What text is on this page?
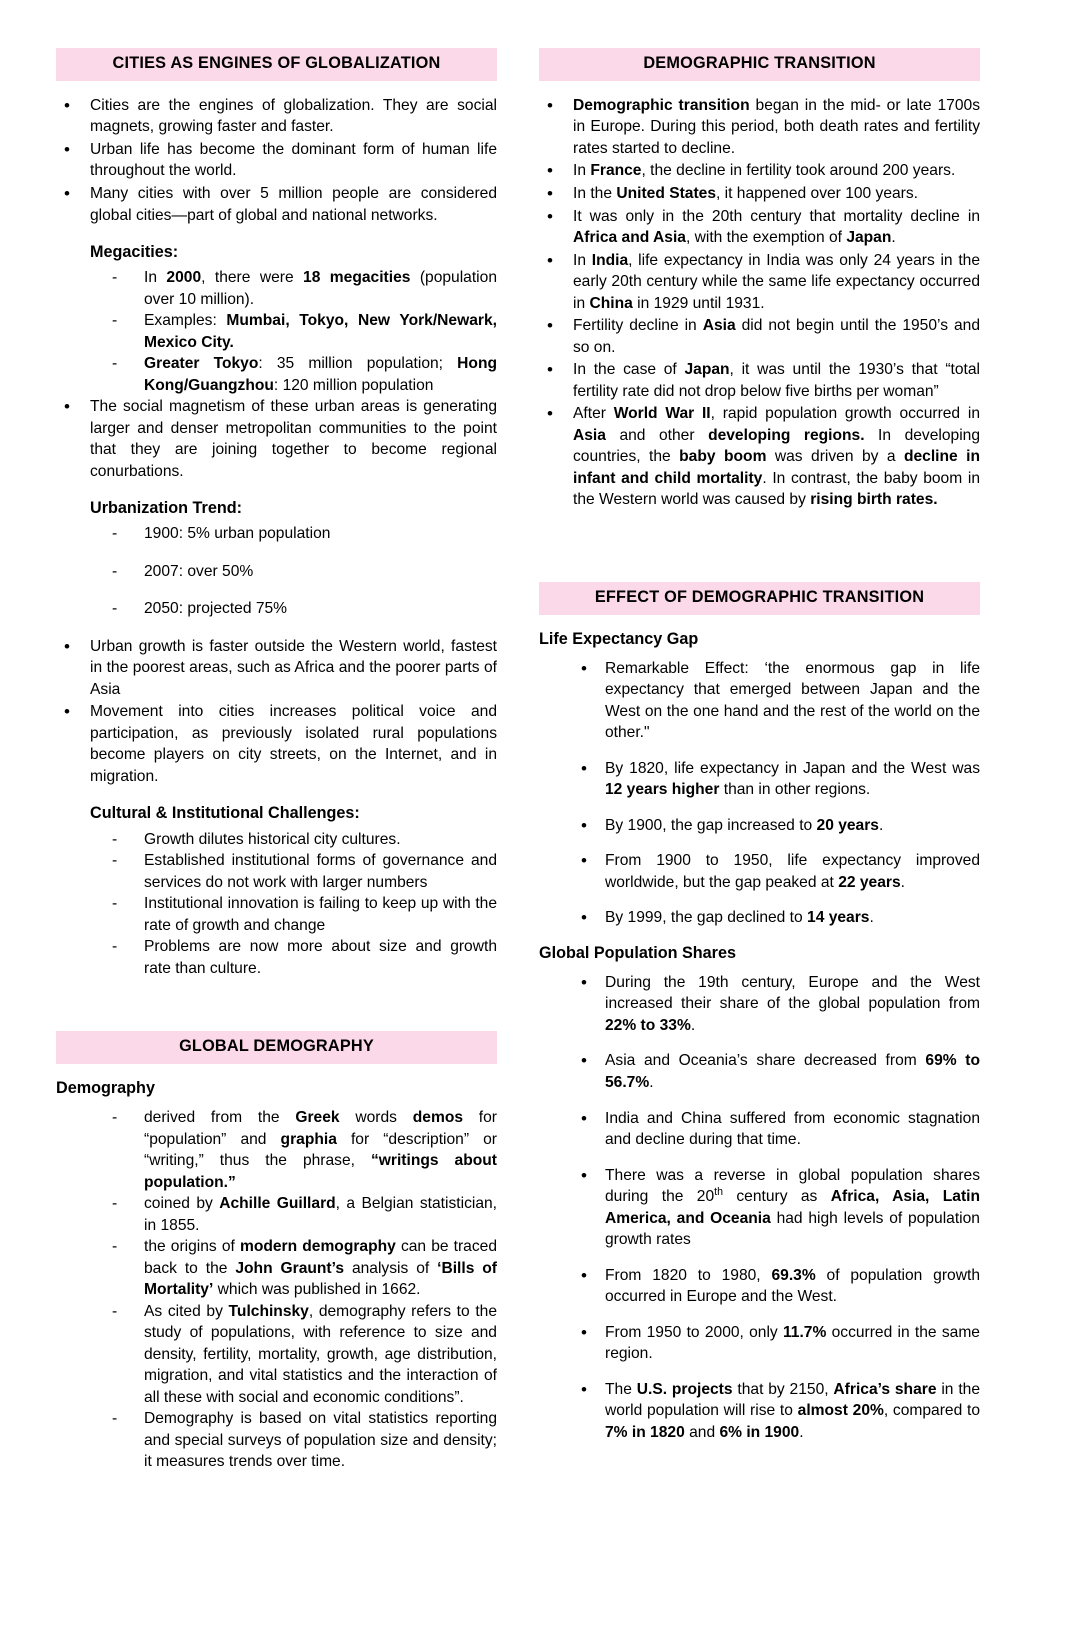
CITIES AS ENGINES OF GLOBALIZATION
• Cities are the engines of globalization. They are social magnets, growing faster and faster.
• Urban life has become the dominant form of human life throughout the world.
• Many cities with over 5 million people are considered global cities—part of global and national networks.
Megacities:
- In 2000, there were 18 megacities (population over 10 million).
- Examples: Mumbai, Tokyo, New York/Newark, Mexico City.
- Greater Tokyo: 35 million population; Hong Kong/Guangzhou: 120 million population
• The social magnetism of these urban areas is generating larger and denser metropolitan communities to the point that they are joining together to become regional conurbations.
Urbanization Trend:
- 1900: 5% urban population
- 2007: over 50%
- 2050: projected 75%
• Urban growth is faster outside the Western world, fastest in the poorest areas, such as Africa and the poorer parts of Asia
• Movement into cities increases political voice and participation, as previously isolated rural populations become players on city streets, on the Internet, and in migration.
Cultural & Institutional Challenges:
- Growth dilutes historical city cultures.
- Established institutional forms of governance and services do not work with larger numbers
- Institutional innovation is failing to keep up with the rate of growth and change
- Problems are now more about size and growth rate than culture.
GLOBAL DEMOGRAPHY
Demography
- derived from the Greek words demos for “population” and graphia for “description” or “writing,” thus the phrase, “writings about population.”
- coined by Achille Guillard, a Belgian statistician, in 1855.
- the origins of modern demography can be traced back to the John Graunt’s analysis of ‘Bills of Mortality’ which was published in 1662.
- As cited by Tulchinsky, demography refers to the study of populations, with reference to size and density, fertility, mortality, growth, age distribution, migration, and vital statistics and the interaction of all these with social and economic conditions”.
- Demography is based on vital statistics reporting and special surveys of population size and density; it measures trends over time.
DEMOGRAPHIC TRANSITION
• Demographic transition began in the mid- or late 1700s in Europe. During this period, both death rates and fertility rates started to decline.
• In France, the decline in fertility took around 200 years.
• In the United States, it happened over 100 years.
• It was only in the 20th century that mortality decline in Africa and Asia, with the exemption of Japan.
• In India, life expectancy in India was only 24 years in the early 20th century while the same life expectancy occurred in China in 1929 until 1931.
• Fertility decline in Asia did not begin until the 1950’s and so on.
• In the case of Japan, it was until the 1930’s that “total fertility rate did not drop below five births per woman”
• After World War II, rapid population growth occurred in Asia and other developing regions. In developing countries, the baby boom was driven by a decline in infant and child mortality. In contrast, the baby boom in the Western world was caused by rising birth rates.
EFFECT OF DEMOGRAPHIC TRANSITION
Life Expectancy Gap
• Remarkable Effect: ‘the enormous gap in life expectancy that emerged between Japan and the West on the one hand and the rest of the world on the other."
• By 1820, life expectancy in Japan and the West was 12 years higher than in other regions.
• By 1900, the gap increased to 20 years.
• From 1900 to 1950, life expectancy improved worldwide, but the gap peaked at 22 years.
• By 1999, the gap declined to 14 years.
Global Population Shares
• During the 19th century, Europe and the West increased their share of the global population from 22% to 33%.
• Asia and Oceania’s share decreased from 69% to 56.7%.
• India and China suffered from economic stagnation and decline during that time.
• There was a reverse in global population shares during the 20th century as Africa, Asia, Latin America, and Oceania had high levels of population growth rates
• From 1820 to 1980, 69.3% of population growth occurred in Europe and the West.
• From 1950 to 2000, only 11.7% occurred in the same region.
• The U.S. projects that by 2150, Africa’s share in the world population will rise to almost 20%, compared to 7% in 1820 and 6% in 1900.
